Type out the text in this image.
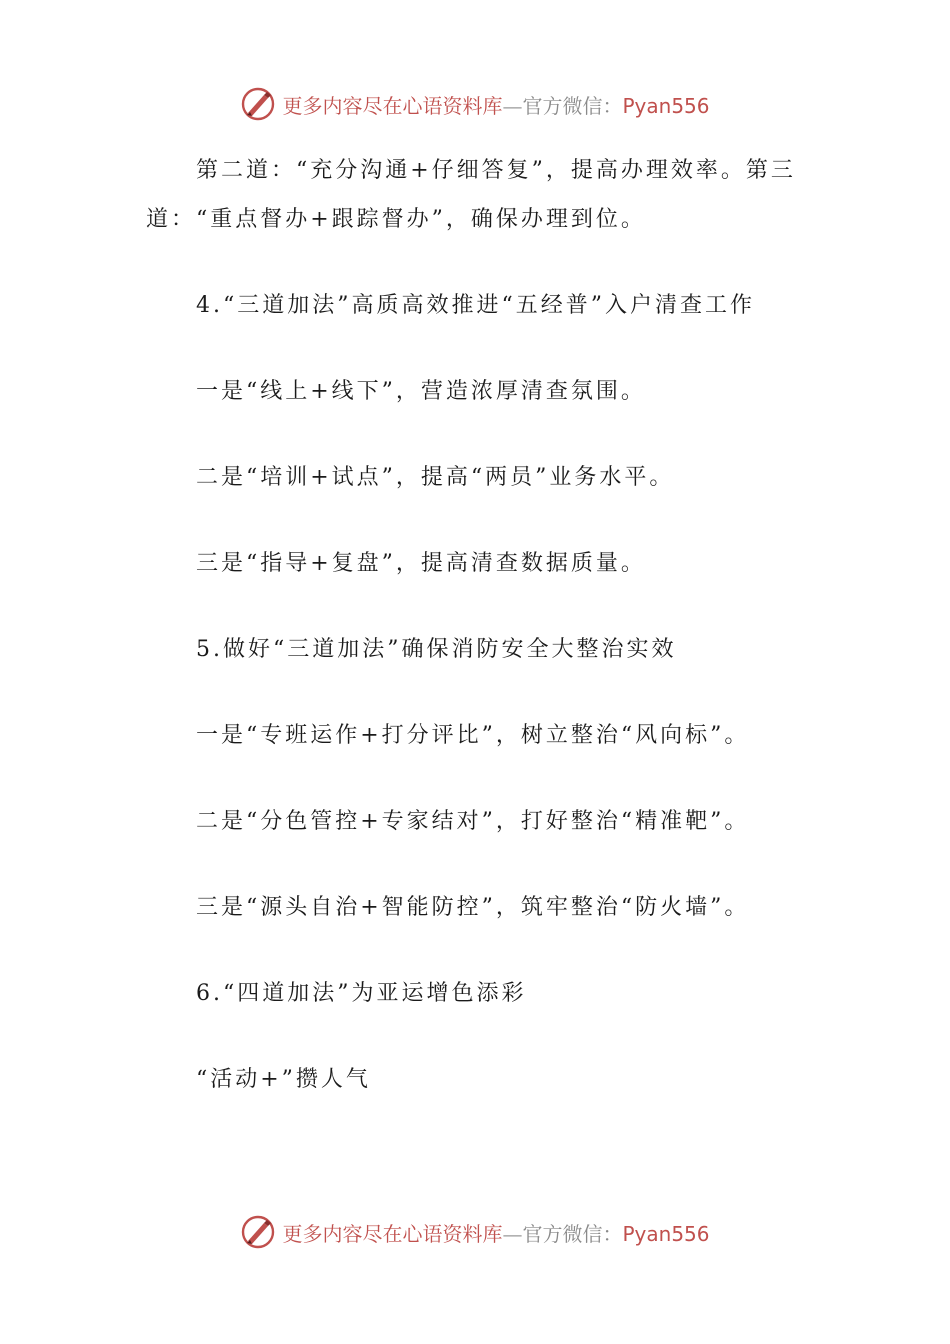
更多内容尽在心语资料库—官方微信：Pyan556

第二道：“充分沟通+仔细答复”，提高办理效率。第三道：“重点督办+跟踪督办”，确保办理到位。

4.“三道加法”高质高效推进“五经普”入户清查工作

一是“线上+线下”，营造浓厚清查氛围。

二是“培训+试点”，提高“两员”业务水平。

三是“指导+复盘”，提高清查数据质量。

5.做好“三道加法”确保消防安全大整治实效

一是“专班运作+打分评比”，树立整治“风向标”。

二是“分色管控+专家结对”，打好整治“精准靶”。

三是“源头自治+智能防控”，筑牢整治“防火墙”。

6.“四道加法”为亚运增色添彩

“活动+”攒人气

更多内容尽在心语资料库—官方微信：Pyan556
